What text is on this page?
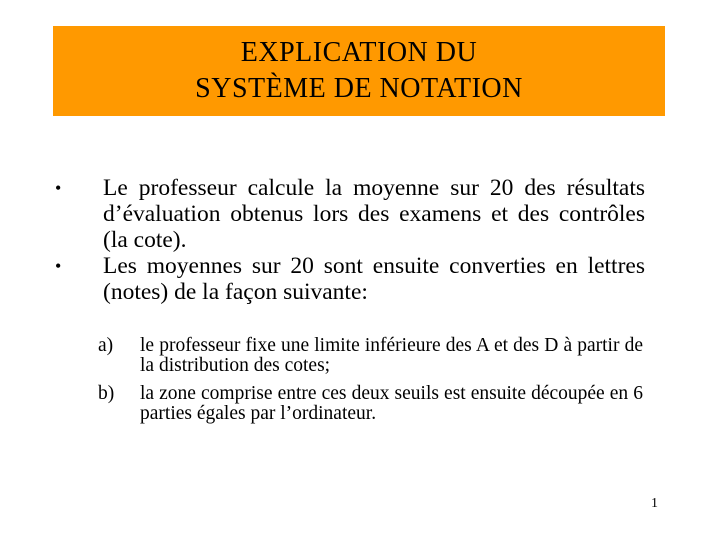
EXPLICATION DU
SYSTÈME DE NOTATION
•	Le professeur calcule la moyenne sur 20 des résultats d’évaluation obtenus lors des examens et des contrôles (la cote).
•	Les moyennes sur 20 sont ensuite converties en lettres (notes) de la façon suivante:
a)	le professeur fixe une limite inférieure des A et des D à partir de la distribution des cotes;
b)	la zone comprise entre ces deux seuils est ensuite découpée en 6 parties égales par l’ordinateur.
1
